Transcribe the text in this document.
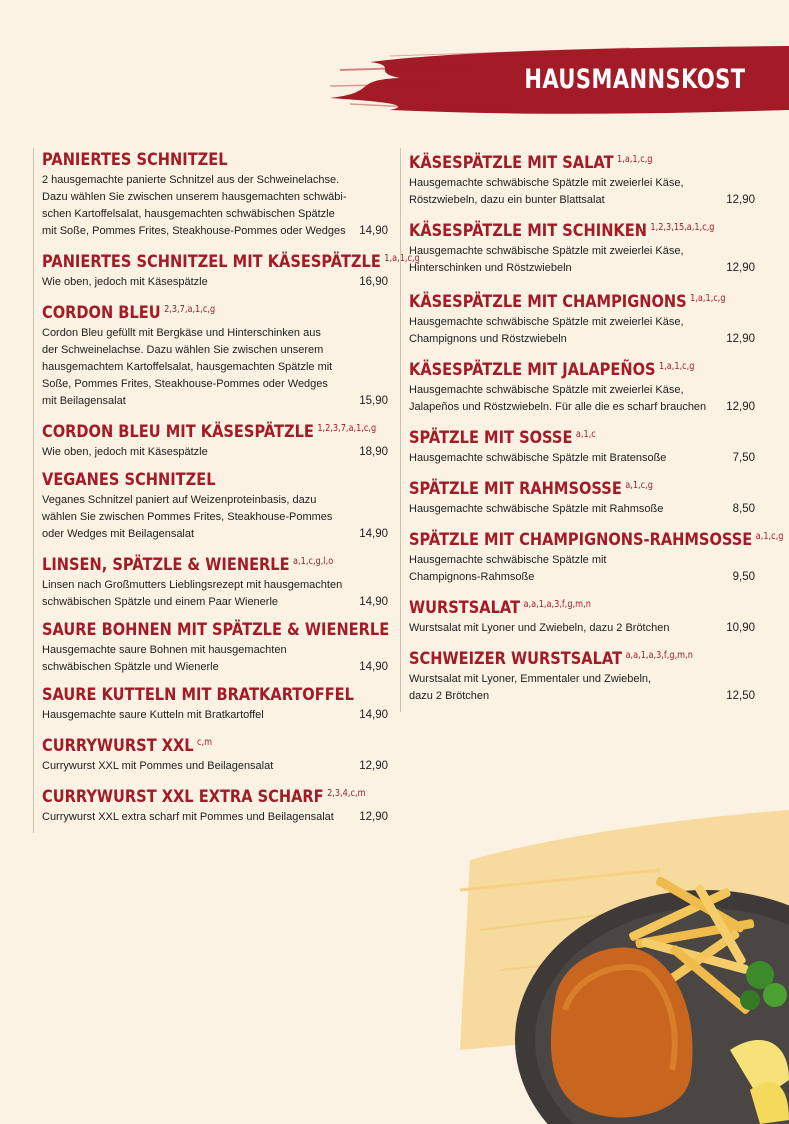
HAUSMANNSKOST
PANIERTES SCHNITZEL
2 hausgemachte panierte Schnitzel aus der Schweinelachse.
Dazu wählen Sie zwischen unserem hausgemachten schwäbi-
schen Kartoffelsalat, hausgemachten schwäbischen Spätzle
mit Soße, Pommes Frites, Steakhouse-Pommes oder Wedges 14,90
PANIERTES SCHNITZEL MIT KÄSESPÄTZLE $^{1,a,1,c,g}$
Wie oben, jedoch mit Käsespätzle	16,90
CORDON BLEU $^{2,3,7,a,1,c,g}$
Cordon Bleu gefüllt mit Bergkäse und Hinterschinken aus
der Schweinelachse. Dazu wählen Sie zwischen unserem
hausgemachtem Kartoffelsalat, hausgemachten Spätzle mit
Soße, Pommes Frites, Steakhouse-Pommes oder Wedges
mit Beilagensalat	15,90
CORDON BLEU MIT KÄSESPÄTZLE $^{1,2,3,7,a,1,c,g}$
Wie oben, jedoch mit Käsespätzle	18,90
VEGANES SCHNITZEL
Veganes Schnitzel paniert auf Weizenproteinbasis, dazu
wählen Sie zwischen Pommes Frites, Steakhouse-Pommes
oder Wedges mit Beilagensalat	14,90
LINSEN, SPÄTZLE & WIENERLE $^{a,1,c,g,l,o}$
Linsen nach Großmutters Lieblingsrezept mit hausgemachten
schwäbischen Spätzle und einem Paar Wienerle	14,90
SAURE BOHNEN MIT SPÄTZLE & WIENERLE
Hausgemachte saure Bohnen mit hausgemachten
schwäbischen Spätzle und Wienerle	14,90
SAURE KUTTELN MIT BRATKARTOFFEL
Hausgemachte saure Kutteln mit Bratkartoffel	14,90
CURRYWURST XXL $^{c,m}$
Currywurst XXL mit Pommes und Beilagensalat	12,90
CURRYWURST XXL EXTRA SCHARF $^{2,3,4,c,m}$
Currywurst XXL extra scharf mit Pommes und Beilagensalat	12,90
KÄSESPÄTZLE MIT SALAT $^{1,a,1,c,g}$
Hausgemachte schwäbische Spätzle mit zweierlei Käse,
Röstzwiebeln, dazu ein bunter Blattsalat	12,90
KÄSESPÄTZLE MIT SCHINKEN $^{1,2,3,15,a,1,c,g}$
Hausgemachte schwäbische Spätzle mit zweierlei Käse,
Hinterschinken und Röstzwiebeln	12,90
KÄSESPÄTZLE MIT CHAMPIGNONS $^{1,a,1,c,g}$
Hausgemachte schwäbische Spätzle mit zweierlei Käse,
Champignons und Röstzwiebeln	12,90
KÄSESPÄTZLE MIT JALAPEÑOS $^{1,a,1,c,g}$
Hausgemachte schwäbische Spätzle mit zweierlei Käse,
Jalapeños und Röstzwiebeln. Für alle die es scharf brauchen 12,90
SPÄTZLE MIT SOSSE $^{a,1,c}$
Hausgemachte schwäbische Spätzle mit Bratensoße	7,50
SPÄTZLE MIT RAHMSOSSE $^{a,1,c,g}$
Hausgemachte schwäbische Spätzle mit Rahmsoße	8,50
SPÄTZLE MIT CHAMPIGNONS-RAHMSOSSE $^{a,1,c,g}$
Hausgemachte schwäbische Spätzle mit
Champignons-Rahmsoße	9,50
WURSTSALAT $^{a,a,1,a,3,f,g,m,n}$
Wurstsalat mit Lyoner und Zwiebeln, dazu 2 Brötchen	10,90
SCHWEIZER WURSTSALAT $^{a,a,1,a,3,f,g,m,n}$
Wurstsalat mit Lyoner, Emmentaler und Zwiebeln,
dazu 2 Brötchen	12,50
